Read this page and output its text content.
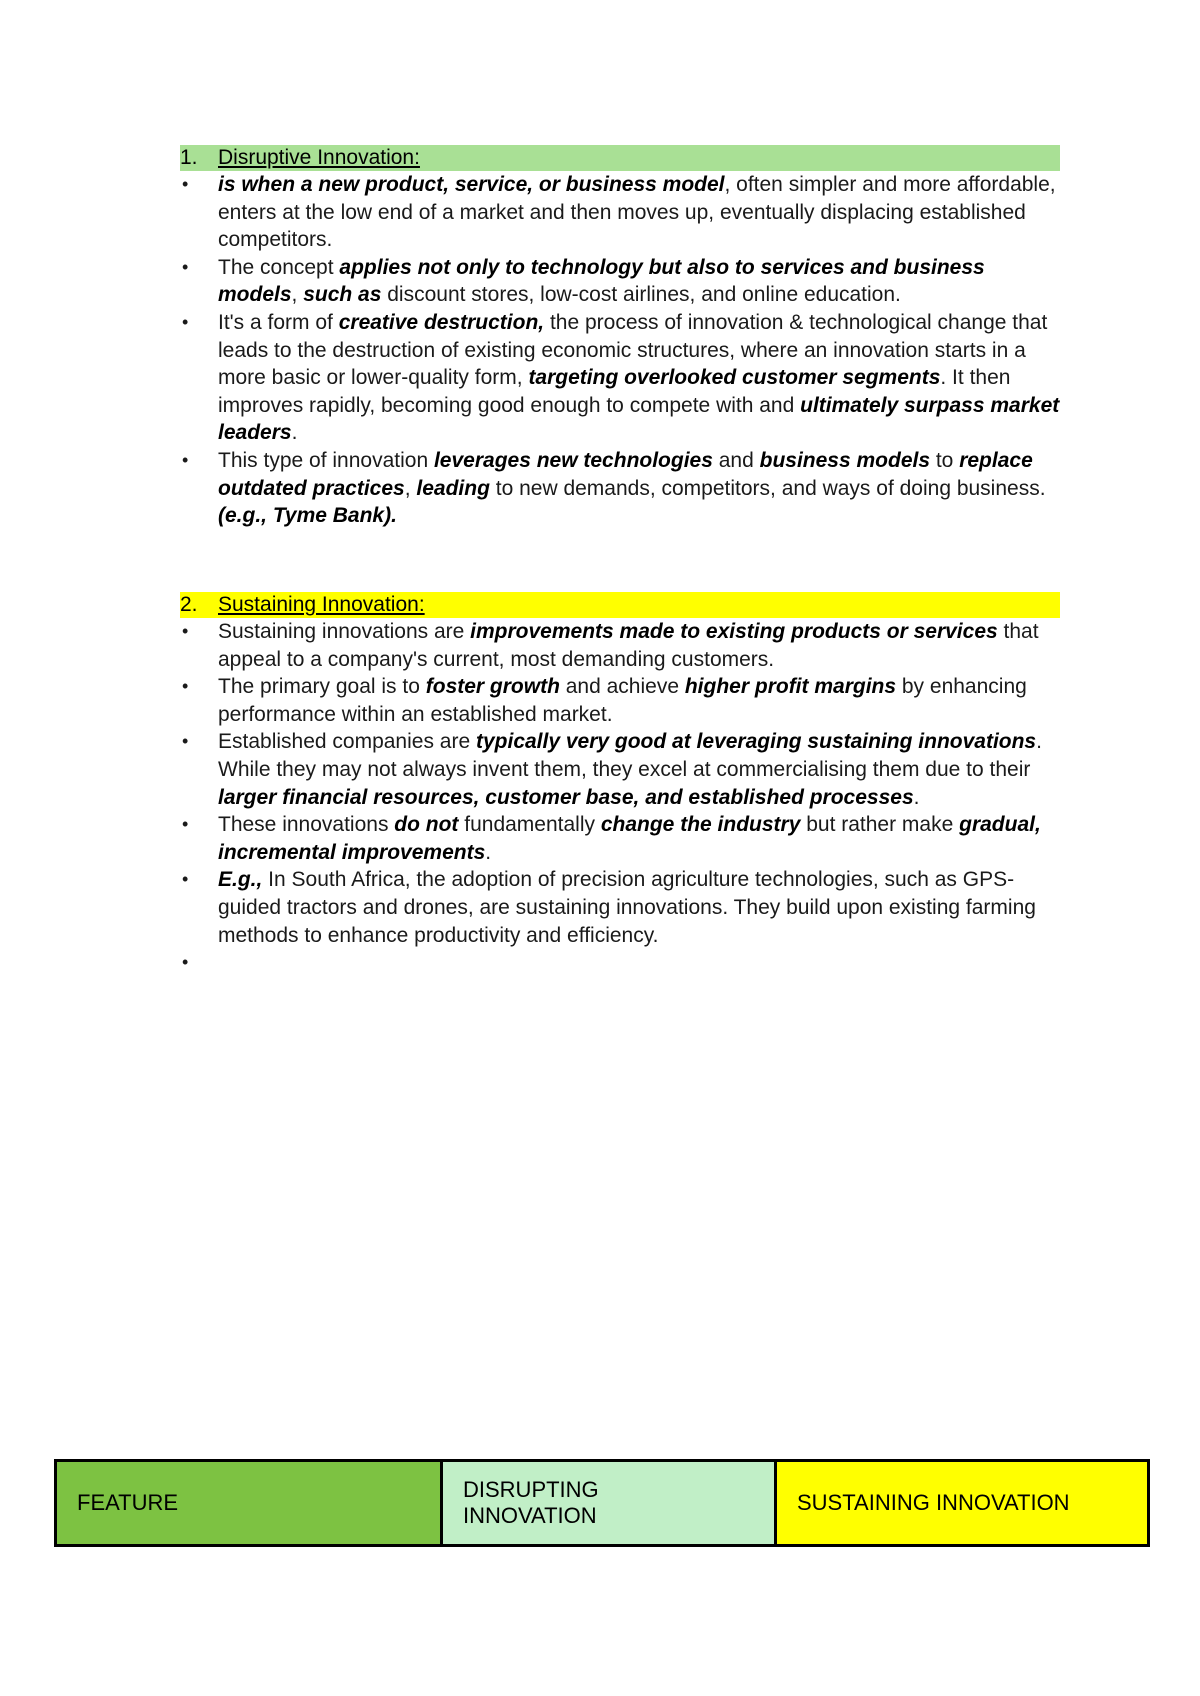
1. Disruptive Innovation:
• is when a new product, service, or business model, often simpler and more affordable, enters at the low end of a market and then moves up, eventually displacing established competitors.
• The concept applies not only to technology but also to services and business models, such as discount stores, low-cost airlines, and online education.
• It's a form of creative destruction, the process of innovation & technological change that leads to the destruction of existing economic structures, where an innovation starts in a more basic or lower-quality form, targeting overlooked customer segments. It then improves rapidly, becoming good enough to compete with and ultimately surpass market leaders.
• This type of innovation leverages new technologies and business models to replace outdated practices, leading to new demands, competitors, and ways of doing business. (e.g., Tyme Bank).
2. Sustaining Innovation:
• Sustaining innovations are improvements made to existing products or services that appeal to a company's current, most demanding customers.
• The primary goal is to foster growth and achieve higher profit margins by enhancing performance within an established market.
• Established companies are typically very good at leveraging sustaining innovations. While they may not always invent them, they excel at commercialising them due to their larger financial resources, customer base, and established processes.
• These innovations do not fundamentally change the industry but rather make gradual, incremental improvements.
• E.g., In South Africa, the adoption of precision agriculture technologies, such as GPS-guided tractors and drones, are sustaining innovations. They build upon existing farming methods to enhance productivity and efficiency.
•
FEATURE
DISRUPTING INNOVATION
SUSTAINING INNOVATION
